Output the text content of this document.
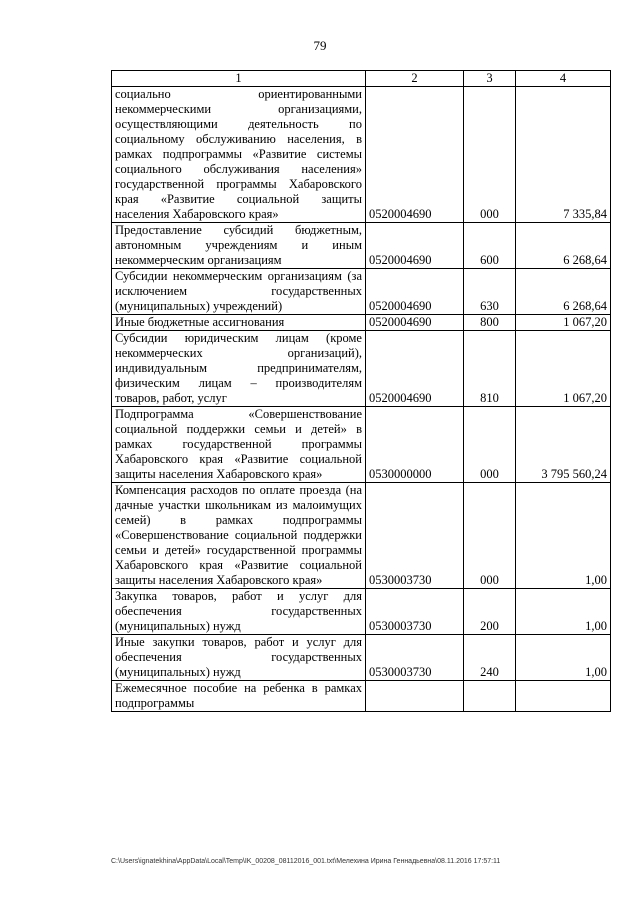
79
1	2	3	4
социально ориентированными некоммерческими организациями, осуществляющими деятельность по социальному обслуживанию населения, в рамках подпрограммы «Развитие системы социального обслуживания населения» государственной программы Хабаровского края «Развитие социальной защиты населения Хабаровского края»	0520004690	000	7 335,84
Предоставление субсидий бюджетным, автономным учреждениям и иным некоммерческим организациям	0520004690	600	6 268,64
Субсидии некоммерческим организациям (за исключением государственных (муниципальных) учреждений)	0520004690	630	6 268,64
Иные бюджетные ассигнования	0520004690	800	1 067,20
Субсидии юридическим лицам (кроме некоммерческих организаций), индивидуальным предпринимателям, физическим лицам – производителям товаров, работ, услуг	0520004690	810	1 067,20
Подпрограмма «Совершенствование социальной поддержки семьи и детей» в рамках государственной программы Хабаровского края «Развитие социальной защиты населения Хабаровского края»	0530000000	000	3 795 560,24
Компенсация расходов по оплате проезда (на дачные участки школьникам из малоимущих семей) в рамках подпрограммы «Совершенствование социальной поддержки семьи и детей» государственной программы Хабаровского края «Развитие социальной защиты населения Хабаровского края»	0530003730	000	1,00
Закупка товаров, работ и услуг для обеспечения государственных (муниципальных) нужд	0530003730	200	1,00
Иные закупки товаров, работ и услуг для обеспечения государственных (муниципальных) нужд	0530003730	240	1,00
Ежемесячное пособие на ребенка в рамках подпрограммы			
C:\Users\ignatekhina\AppData\Local\Temp\IK_00208_08112016_001.txt\Мелехина Ирина Геннадьевна\08.11.2016 17:57:11
